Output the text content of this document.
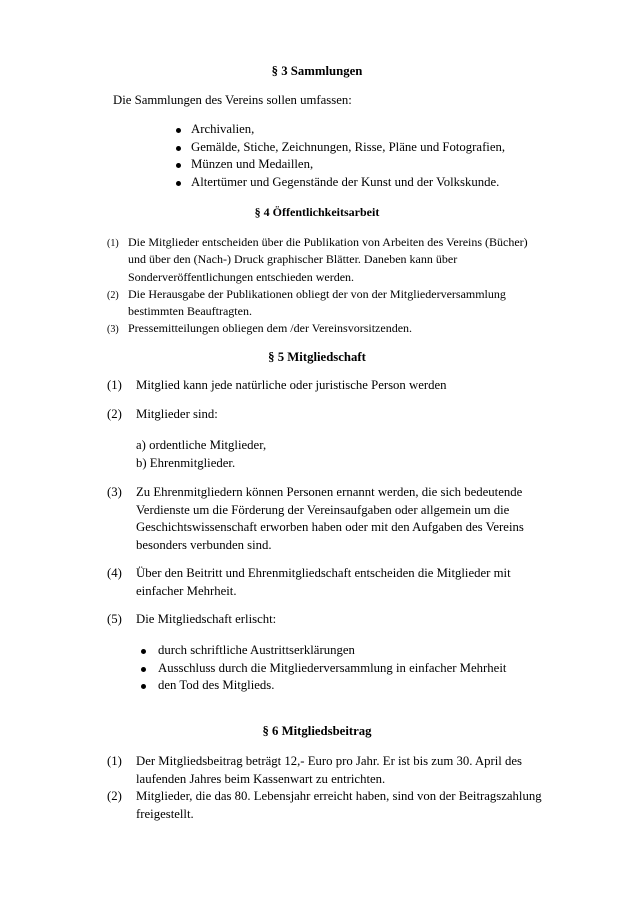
§ 3 Sammlungen

Die Sammlungen des Vereins sollen umfassen:

Archivalien,
Gemälde, Stiche, Zeichnungen, Risse, Pläne und Fotografien,
Münzen und Medaillen,
Altertümer und Gegenstände der Kunst und der Volkskunde.
§ 4 Öffentlichkeitsarbeit
(1) Die Mitglieder entscheiden über die Publikation von Arbeiten des Vereins (Bücher)
und über den (Nach-) Druck graphischer Blätter. Daneben kann über
Sonderveröffentlichungen entschieden werden.
(2) Die Herausgabe der Publikationen obliegt der von der Mitgliederversammlung
bestimmten Beauftragten.
(3) Pressemitteilungen obliegen dem /der Vereinsvorsitzenden.
§ 5 Mitgliedschaft
(1)	Mitglied kann jede natürliche oder juristische Person werden
(2)	Mitglieder sind:
a) ordentliche Mitglieder,
b) Ehrenmitglieder.
(3)	Zu Ehrenmitgliedern können Personen ernannt werden, die sich bedeutende
Verdienste um die Förderung der Vereinsaufgaben oder allgemein um die
Geschichtswissenschaft erworben haben oder mit den Aufgaben des Vereins
besonders verbunden sind.
(4)	Über den Beitritt und Ehrenmitgliedschaft entscheiden die Mitglieder mit
einfacher Mehrheit.
(5)	Die Mitgliedschaft erlischt:
durch schriftliche Austrittserklärungen
Ausschluss durch die Mitgliederversammlung in einfacher Mehrheit
den Tod des Mitglieds.
§ 6 Mitgliedsbeitrag
(1)	Der Mitgliedsbeitrag beträgt 12,- Euro pro Jahr. Er ist bis zum 30. April des
laufenden Jahres beim Kassenwart zu entrichten.
(2)	Mitglieder, die das 80. Lebensjahr erreicht haben, sind von der Beitragszahlung
freigestellt.
